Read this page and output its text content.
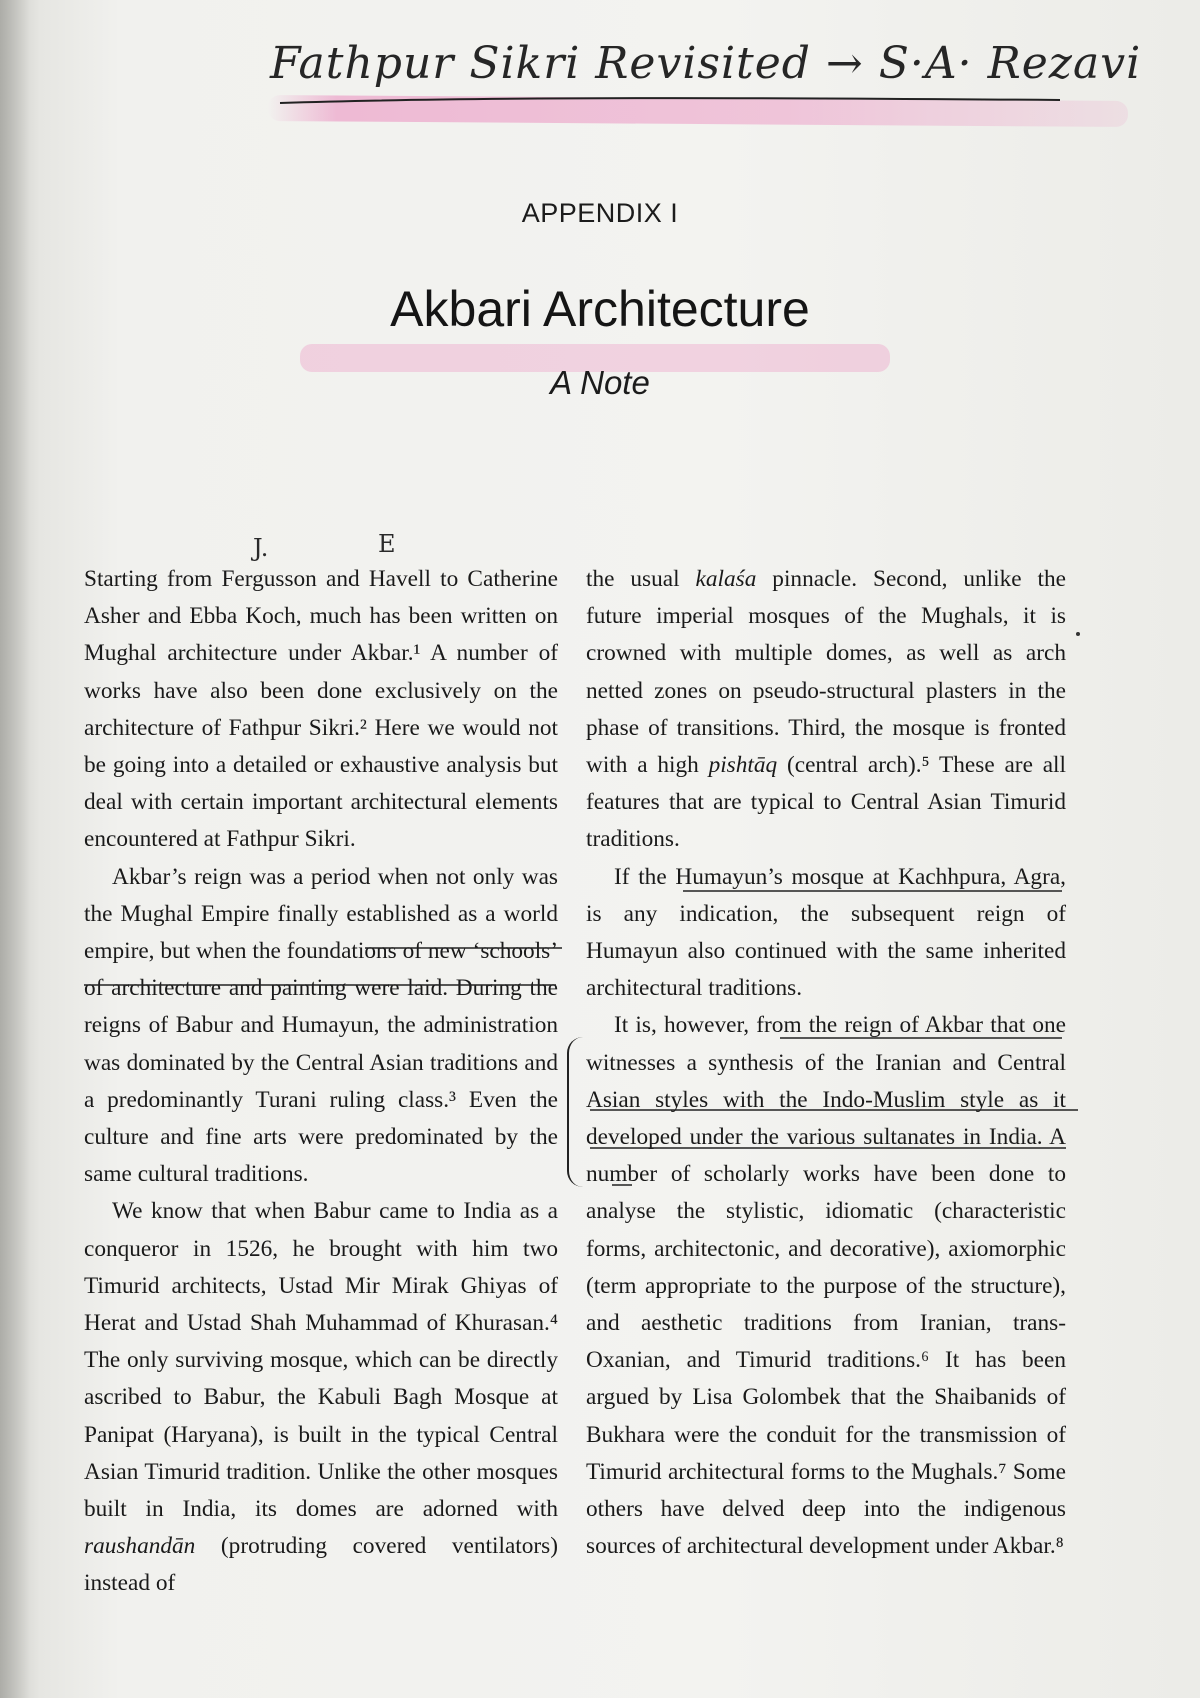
Fathpur Sikri Revisited → S·A· Rezavi
APPENDIX I
Akbari Architecture
A Note
J.	E

Starting from Fergusson and Havell to Catherine Asher and Ebba Koch, much has been written on Mughal architecture under Akbar.¹ A number of works have also been done exclusively on the architecture of Fathpur Sikri.² Here we would not be going into a detailed or exhaustive analysis but deal with certain important architectural elements encountered at Fathpur Sikri.

Akbar’s reign was a period when not only was the Mughal Empire finally established as a world empire, but when the foundations of new ‘schools’ of architecture and painting were laid. During the reigns of Babur and Humayun, the administration was dominated by the Central Asian traditions and a predominantly Turani ruling class.³ Even the culture and fine arts were predominated by the same cultural traditions.

We know that when Babur came to India as a conqueror in 1526, he brought with him two Timurid architects, Ustad Mir Mirak Ghiyas of Herat and Ustad Shah Muhammad of Khurasan.⁴ The only surviving mosque, which can be directly ascribed to Babur, the Kabuli Bagh Mosque at Panipat (Haryana), is built in the typical Central Asian Timurid tradition. Unlike the other mosques built in India, its domes are adorned with raushandān (protruding covered ventilators) instead of

the usual kalaśa pinnacle. Second, unlike the future imperial mosques of the Mughals, it is crowned with multiple domes, as well as arch netted zones on pseudo-structural plasters in the phase of transitions. Third, the mosque is fronted with a high pishtāq (central arch).⁵ These are all features that are typical to Central Asian Timurid traditions.

If the Humayun’s mosque at Kachhpura, Agra, is any indication, the subsequent reign of Humayun also continued with the same inherited architectural traditions.

It is, however, from the reign of Akbar that one witnesses a synthesis of the Iranian and Central Asian styles with the Indo-Muslim style as it developed under the various sultanates in India. A number of scholarly works have been done to analyse the stylistic, idiomatic (characteristic forms, architectonic, and decorative), axiomorphic (term appropriate to the purpose of the structure), and aesthetic traditions from Iranian, trans-Oxanian, and Timurid traditions.⁶ It has been argued by Lisa Golombek that the Shaibanids of Bukhara were the conduit for the transmission of Timurid architectural forms to the Mughals.⁷ Some others have delved deep into the indigenous sources of architectural development under Akbar.⁸
